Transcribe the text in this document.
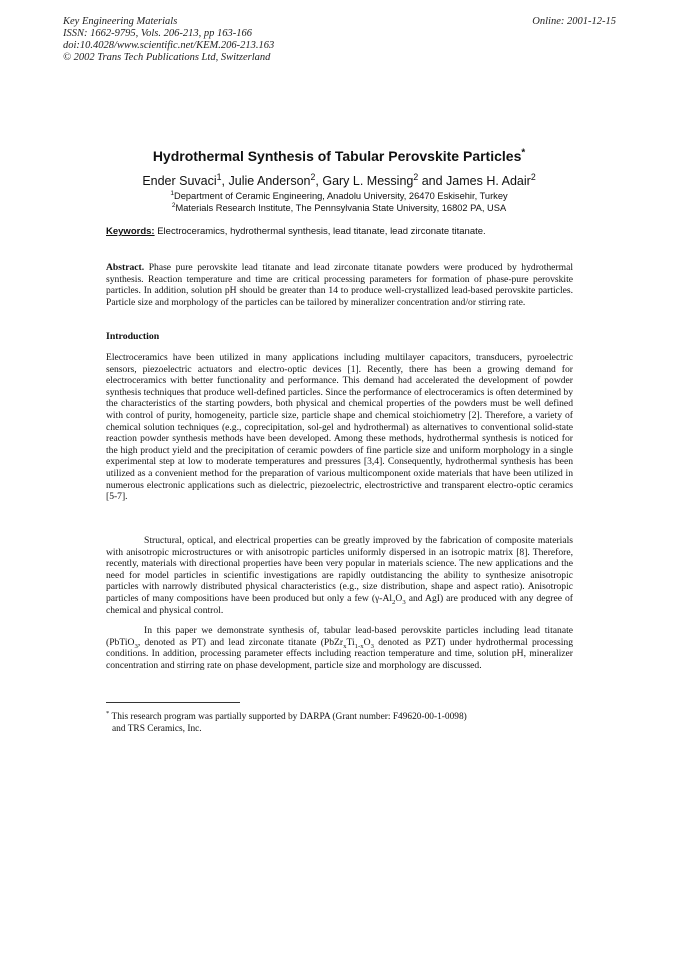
Key Engineering Materials
ISSN: 1662-9795, Vols. 206-213, pp 163-166
doi:10.4028/www.scientific.net/KEM.206-213.163
© 2002 Trans Tech Publications Ltd, Switzerland
Online: 2001-12-15
Hydrothermal Synthesis of Tabular Perovskite Particles*
Ender Suvaci$^1$, Julie Anderson$^2$, Gary L. Messing$^2$ and James H. Adair$^2$
$^1$Department of Ceramic Engineering, Anadolu University, 26470 Eskisehir, Turkey
$^2$Materials Research Institute, The Pennsylvania State University, 16802 PA, USA
Keywords: Electroceramics, hydrothermal synthesis, lead titanate, lead zirconate titanate.
Abstract. Phase pure perovskite lead titanate and lead zirconate titanate powders were produced by hydrothermal synthesis. Reaction temperature and time are critical processing parameters for formation of phase-pure perovskite particles. In addition, solution pH should be greater than 14 to produce well-crystallized lead-based perovskite particles. Particle size and morphology of the particles can be tailored by mineralizer concentration and/or stirring rate.
Introduction
Electroceramics have been utilized in many applications including multilayer capacitors, transducers, pyroelectric sensors, piezoelectric actuators and electro-optic devices [1]. Recently, there has been a growing demand for electroceramics with better functionality and performance. This demand had accelerated the development of powder synthesis techniques that produce well-defined particles. Since the performance of electroceramics is often determined by the characteristics of the starting powders, both physical and chemical properties of the powders must be well defined with control of purity, homogeneity, particle size, particle shape and chemical stoichiometry [2]. Therefore, a variety of chemical solution techniques (e.g., coprecipitation, sol-gel and hydrothermal) as alternatives to conventional solid-state reaction powder synthesis methods have been developed. Among these methods, hydrothermal synthesis is noticed for the high product yield and the precipitation of ceramic powders of fine particle size and uniform morphology in a single experimental step at low to moderate temperatures and pressures [3,4]. Consequently, hydrothermal synthesis has been utilized as a convenient method for the preparation of various multicomponent oxide materials that have been utilized in numerous electronic applications such as dielectric, piezoelectric, electrostrictive and transparent electro-optic ceramics [5-7].
Structural, optical, and electrical properties can be greatly improved by the fabrication of composite materials with anisotropic microstructures or with anisotropic particles uniformly dispersed in an isotropic matrix [8]. Therefore, recently, materials with directional properties have been very popular in materials science. The new applications and the need for model particles in scientific investigations are rapidly outdistancing the ability to synthesize anisotropic particles with narrowly distributed physical characteristics (e.g., size distribution, shape and aspect ratio). Anisotropic particles of many compositions have been produced but only a few ($\gamma-Al_2O_3$ and AgI) are produced with any degree of chemical and physical control.
In this paper we demonstrate synthesis of, tabular lead-based perovskite particles including lead titanate (PbTiO$_3$, denoted as PT) and lead zirconate titanate ($PbZr_xTi_{1-x}O_3$ denoted as PZT) under hydrothermal processing conditions. In addition, processing parameter effects including reaction temperature and time, solution pH, mineralizer concentration and stirring rate on phase development, particle size and morphology are discussed.
* This research program was partially supported by DARPA (Grant number: F49620-00-1-0098)
and TRS Ceramics, Inc.
